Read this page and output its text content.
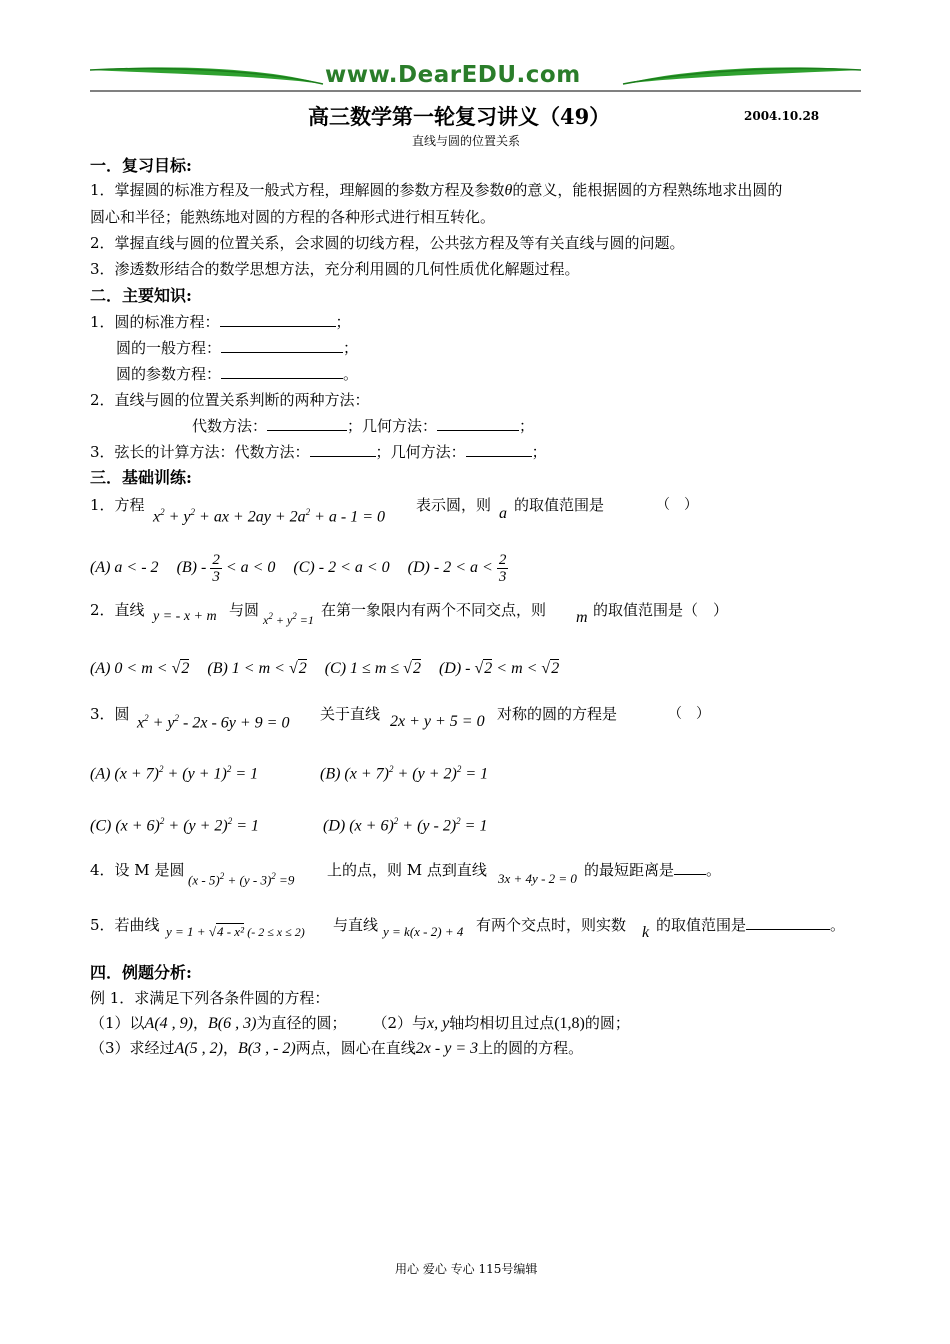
www.DearEDU.com
高三数学第一轮复习讲义（49）	2004.10.28
直线与圆的位置关系
一．复习目标:
1．掌握圆的标准方程及一般式方程，理解圆的参数方程及参数θ的意义，能根据圆的方程熟练地求出圆的
圆心和半径；能熟练地对圆的方程的各种形式进行相互转化。
2．掌握直线与圆的位置关系，会求圆的切线方程，公共弦方程及等有关直线与圆的问题。
3．渗透数形结合的数学思想方法，充分利用圆的几何性质优化解题过程。
二．主要知识:
1．圆的标准方程：	；
圆的一般方程：	；
圆的参数方程：	。
2．直线与圆的位置关系判断的两种方法：
代数方法：	；几何方法：	；
3．弦长的计算方法：代数方法：	；几何方法：	；
三．基础训练:
1．方程
$x^2 + y^2$ + ax + $2ay + 2a^2 + a - 1 = 0$
表示圆，则 a 的取值范围是	（　）
(A) a < - 2 $(B) - \frac{2}{3} < a < 0$ (C) - 2 < a < 0 $(D) - 2 < a < \frac{2}{3}$
2．直线 y = - x + m 与圆
$x^2 + y^2 =1$
在第一象限内有两个不同交点，则 m 的取值范围是（　）
(A) 0 < m < √2 (B) 1 < m < √2 (C) 1 ≤ m ≤ √2 (D) - √2 < m < √2
3．圆 $x^2 + y^2 - 2x - 6y + 9 = 0$ 关于直线 2x + y + 5 = 0 对称的圆的方程是	（　）
(A) $(x + 7)^2 + (y + 1)^2 = 1$	(B) $(x + 7)^2 + (y + 2)^2 = 1$
(C) $(x + 6)^2 + (y + 2)^2 = 1$	(D) $(x + 6)^2 + (y - 2)^2 = 1$
4．设 M 是圆
(x - 5)$^2$ + (y - 3)$^2$ =9
上的点，则 M 点到直线 3x + 4y - 2 = 0 的最短距离是 。
5．若曲线 y = 1 + √4 - x² (- 2 ≤ x ≤ 2) 与直线 y = k(x - 2) + 4 有两个交点时，则实数 k 的取值范围是	。
四．例题分析:
例 1．求满足下列各条件圆的方程：
（1）以A(4 , 9)，B(6 , 3)为直径的圆； （2）与x, y轴均相切且过点(1,8)的圆；
（3）求经过A(5 , 2)，B(3 , - 2)两点，圆心在直线2x - y = 3上的圆的方程。
用心 爱心 专心 115号编辑
